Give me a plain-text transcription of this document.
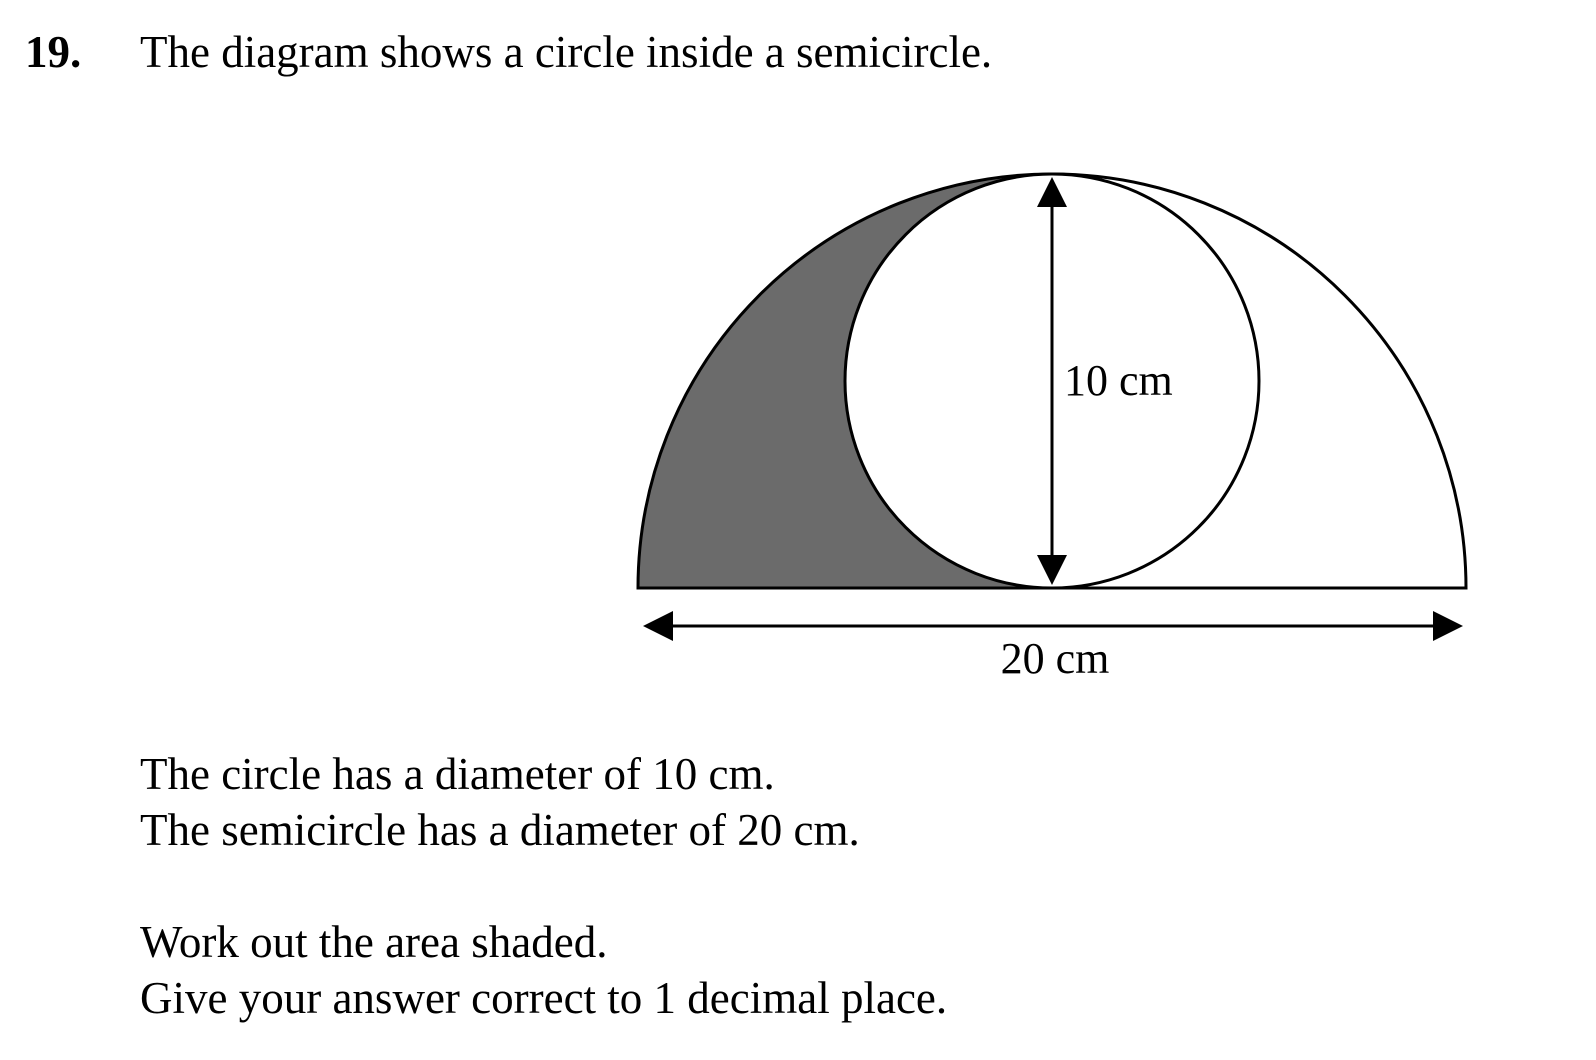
19. The diagram shows a circle inside a semicircle.
10 cm
20 cm
The circle has a diameter of 10 cm.
The semicircle has a diameter of 20 cm.
Work out the area shaded.
Give your answer correct to 1 decimal place.
